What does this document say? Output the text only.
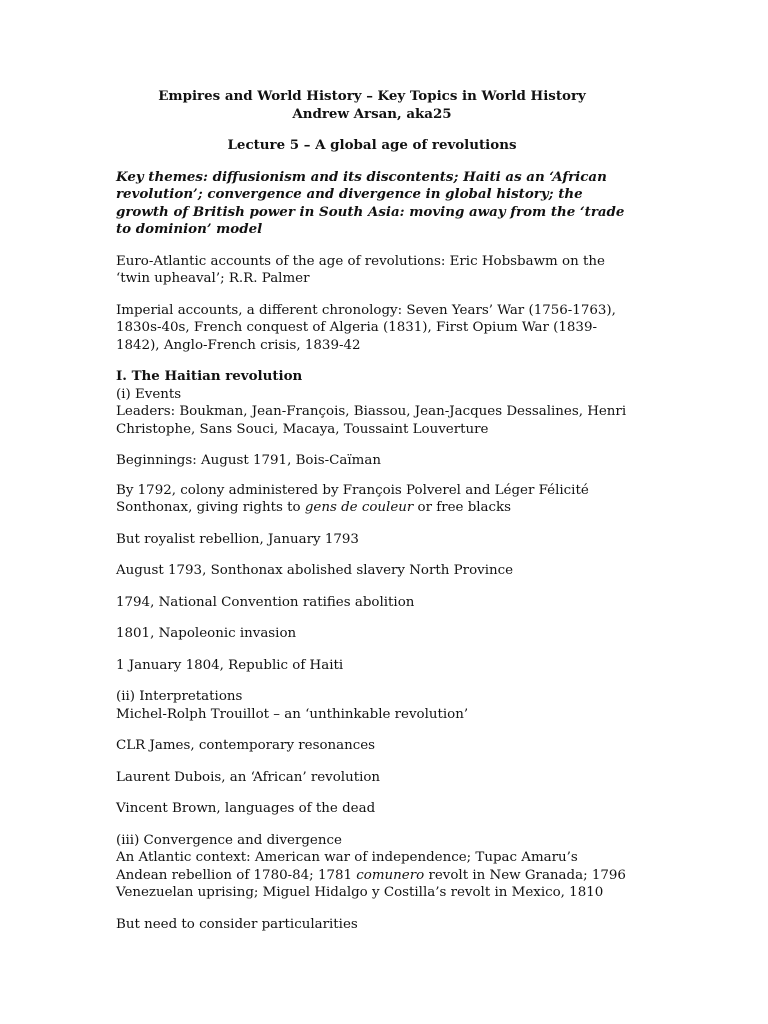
Empires and World History – Key Topics in World History

Andrew Arsan, aka25

Lecture 5 – A global age of revolutions

Key themes: diffusionism and its discontents; Haiti as an ‘African revolution’; convergence and divergence in global history; the growth of British power in South Asia: moving away from the ‘trade to dominion’ model

Euro-Atlantic accounts of the age of revolutions: Eric Hobsbawm on the ‘twin upheaval’; R.R. Palmer

Imperial accounts, a different chronology: Seven Years’ War (1756-1763), 1830s-40s, French conquest of Algeria (1831), First Opium War (1839-1842), Anglo-French crisis, 1839-42

I. The Haitian revolution

(i) Events

Leaders: Boukman, Jean-François, Biassou, Jean-Jacques Dessalines, Henri Christophe, Sans Souci, Macaya, Toussaint Louverture

Beginnings: August 1791, Bois-Caïman

By 1792, colony administered by François Polverel and Léger Félicité Sonthonax, giving rights to gens de couleur or free blacks

But royalist rebellion, January 1793

August 1793, Sonthonax abolished slavery North Province

1794, National Convention ratifies abolition

1801, Napoleonic invasion

1 January 1804, Republic of Haiti

(ii) Interpretations

Michel-Rolph Trouillot – an ‘unthinkable revolution’

CLR James, contemporary resonances

Laurent Dubois, an ‘African’ revolution

Vincent Brown, languages of the dead

(iii) Convergence and divergence

An Atlantic context: American war of independence; Tupac Amaru’s Andean rebellion of 1780-84; 1781 comunero revolt in New Granada; 1796 Venezuelan uprising; Miguel Hidalgo y Costilla’s revolt in Mexico, 1810

But need to consider particularities
